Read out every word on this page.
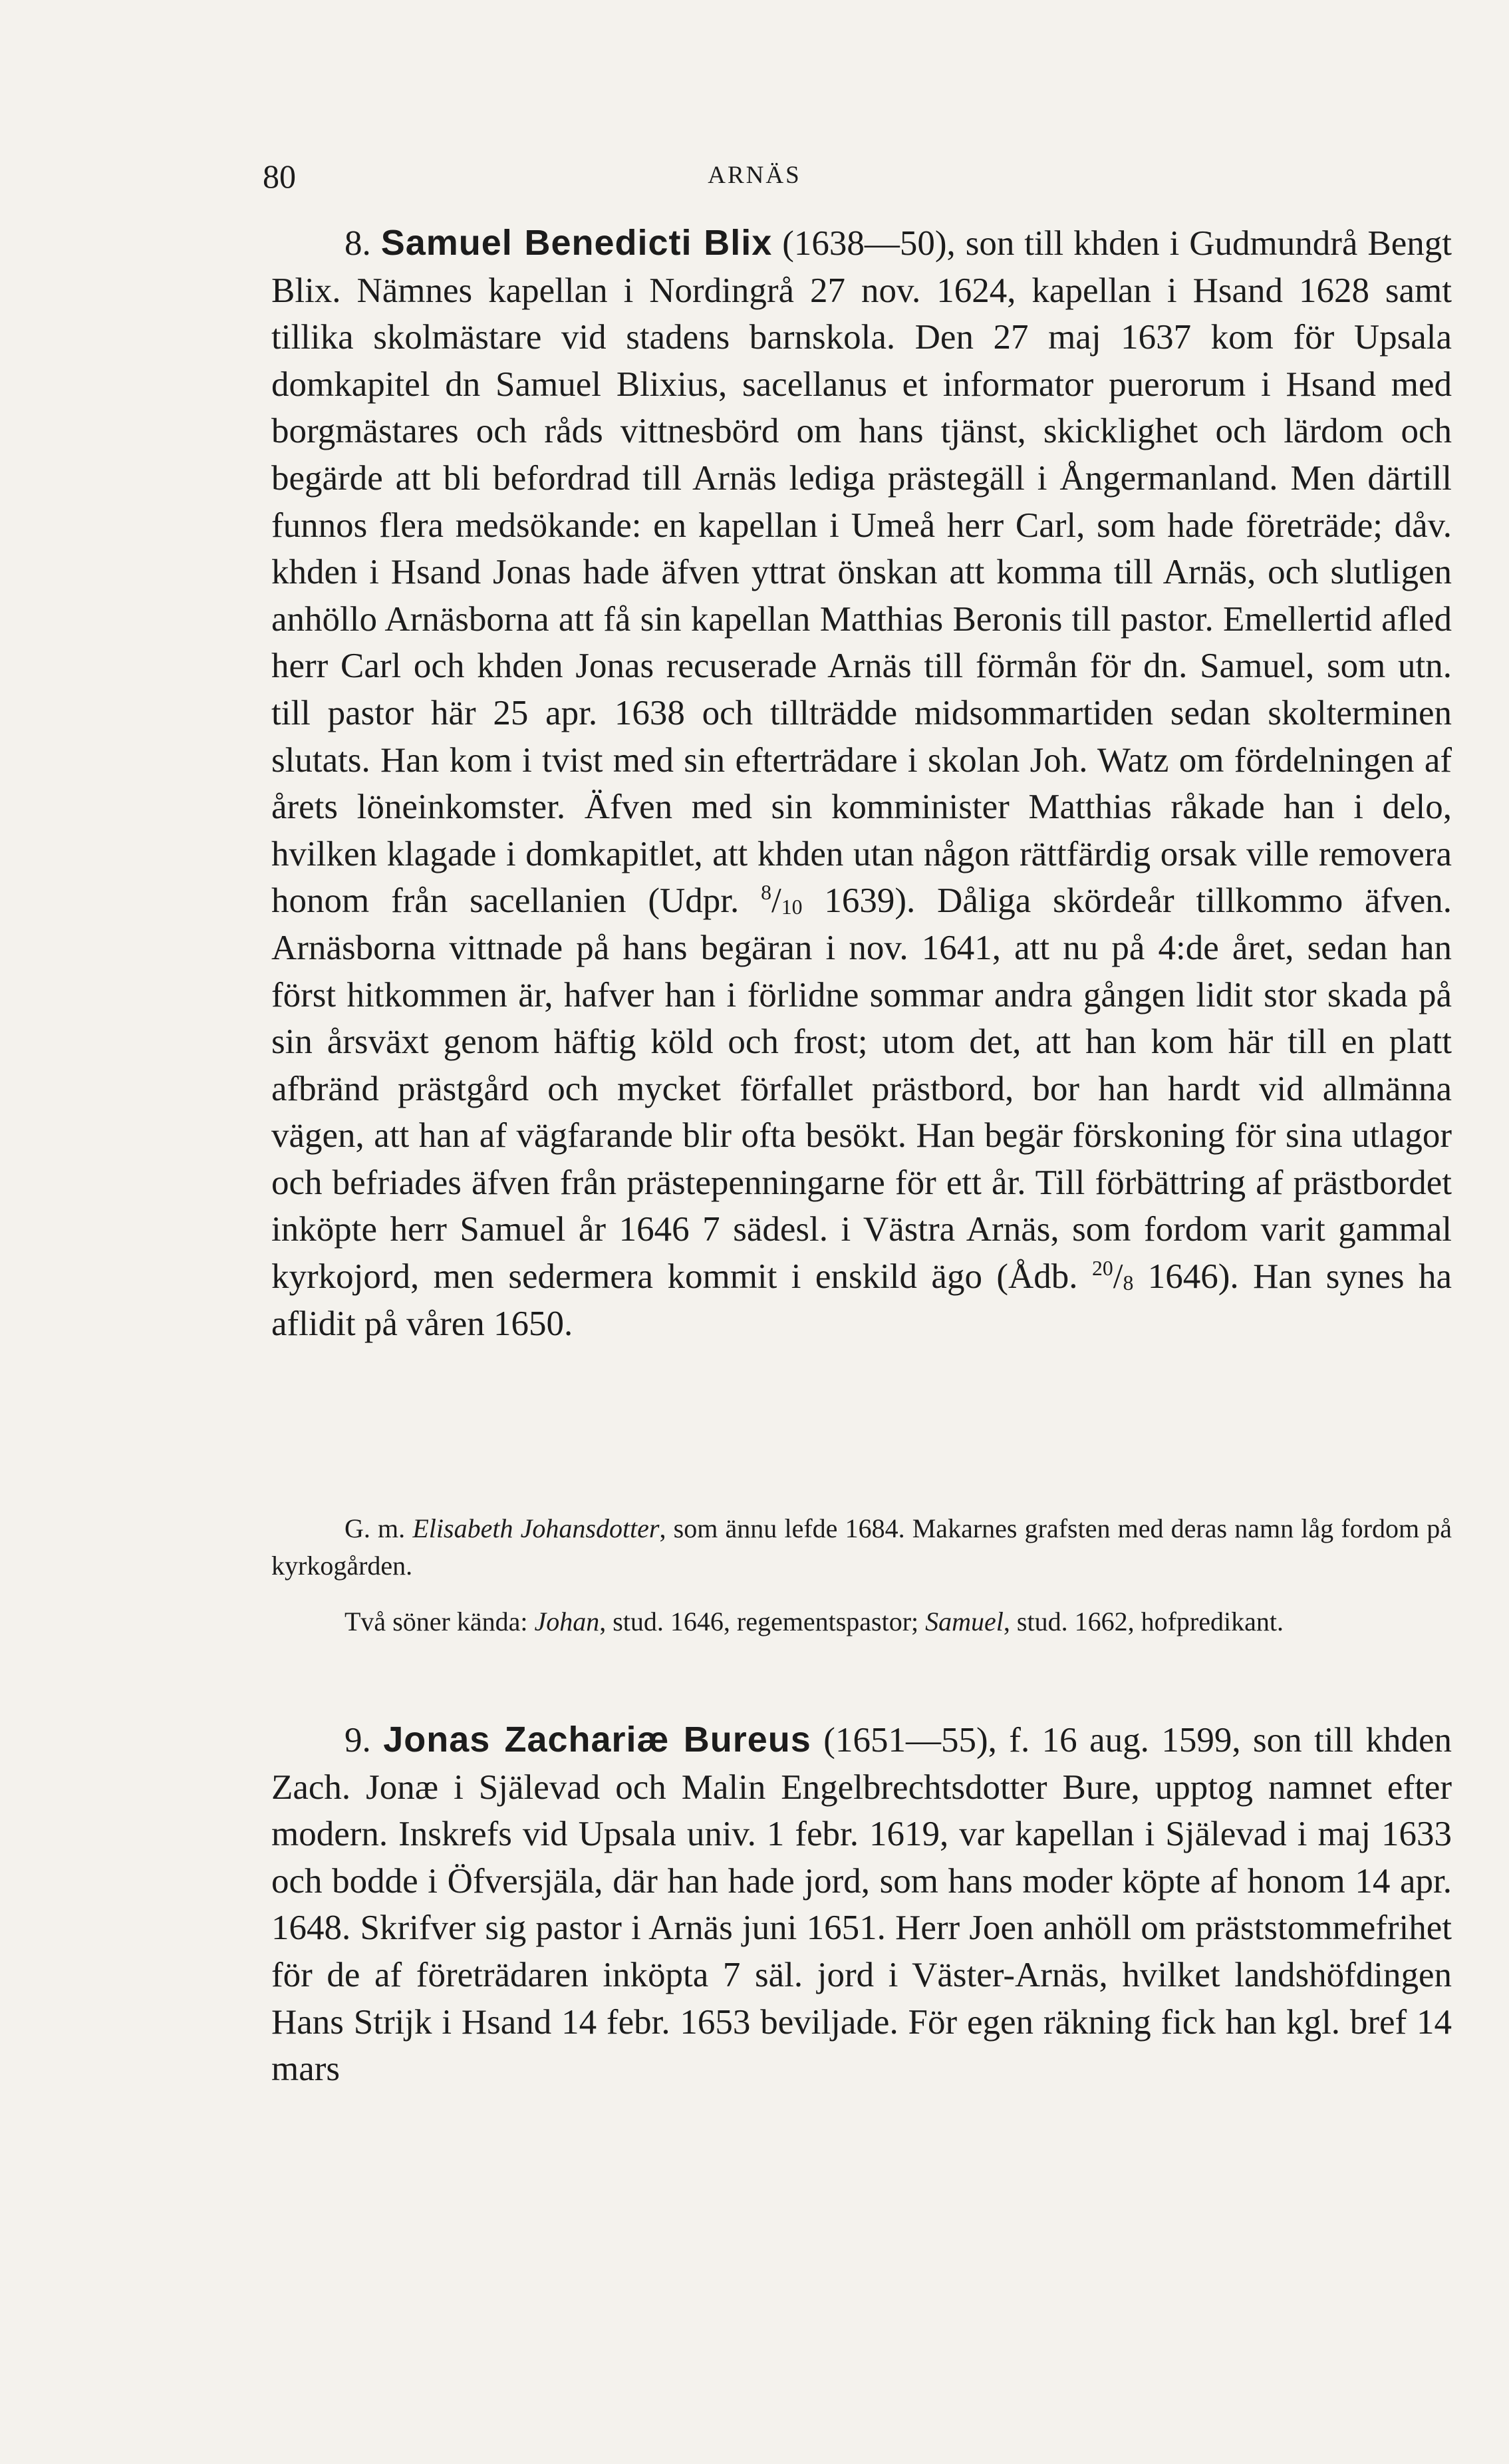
80	ARNÄS
8. Samuel Benedicti Blix (1638—50), son till khden i Gudmundrå Bengt Blix. Nämnes kapellan i Nordingrå 27 nov. 1624, kapellan i Hsand 1628 samt tillika skolmästare vid stadens barnskola. Den 27 maj 1637 kom för Upsala domkapitel dn Samuel Blixius, sacellanus et informator puerorum i Hsand med borgmästares och råds vittnesbörd om hans tjänst, skicklighet och lärdom och begärde att bli befordrad till Arnäs lediga prästegäll i Ångermanland. Men därtill funnos flera medsökande: en kapellan i Umeå herr Carl, som hade företräde; dåv. khden i Hsand Jonas hade äfven yttrat önskan att komma till Arnäs, och slutligen anhöllo Arnäsborna att få sin kapellan Matthias Beronis till pastor. Emellertid afled herr Carl och khden Jonas recuserade Arnäs till förmån för dn. Samuel, som utn. till pastor här 25 apr. 1638 och tillträdde midsommartiden sedan skolterminen slutats. Han kom i tvist med sin efterträdare i skolan Joh. Watz om fördelningen af årets löneinkomster. Äfven med sin komminister Matthias råkade han i delo, hvilken klagade i domkapitlet, att khden utan någon rättfärdig orsak ville removera honom från sacellanien (Udpr. $^8/_{10}$ 1639). Dåliga skördeår tillkommo äfven. Arnäsborna vittnade på hans begäran i nov. 1641, att nu på 4:de året, sedan han först hitkommen är, hafver han i förlidne sommar andra gången lidit stor skada på sin årsväxt genom häftig köld och frost; utom det, att han kom här till en platt afbränd prästgård och mycket förfallet prästbord, bor han hardt vid allmänna vägen, att han af vägfarande blir ofta besökt. Han begär förskoning för sina utlagor och befriades äfven från prästepenningarne för ett år. Till förbättring af prästbordet inköpte herr Samuel år 1646 7 sädesl. i Västra Arnäs, som fordom varit gammal kyrkojord, men sedermera kommit i enskild ägo (Ådb. $^{20}/_8$ 1646). Han synes ha aflidit på våren 1650.
G. m. Elisabeth Johansdotter, som ännu lefde 1684. Makarnes grafsten med deras namn låg fordom på kyrkogården.
Två söner kända: Johan, stud. 1646, regementspastor; Samuel, stud. 1662, hofpredikant.
9. Jonas Zachariæ Bureus (1651—55), f. 16 aug. 1599, son till khden Zach. Jonæ i Själevad och Malin Engelbrechtsdotter Bure, upptog namnet efter modern. Inskrefs vid Upsala univ. 1 febr. 1619, var kapellan i Själevad i maj 1633 och bodde i Öfversjäla, där han hade jord, som hans moder köpte af honom 14 apr. 1648. Skrifver sig pastor i Arnäs juni 1651. Herr Joen anhöll om präststommefrihet för de af företrädaren inköpta 7 säl. jord i Väster-Arnäs, hvilket landshöfdingen Hans Strijk i Hsand 14 febr. 1653 beviljade. För egen räkning fick han kgl. bref 14 mars
